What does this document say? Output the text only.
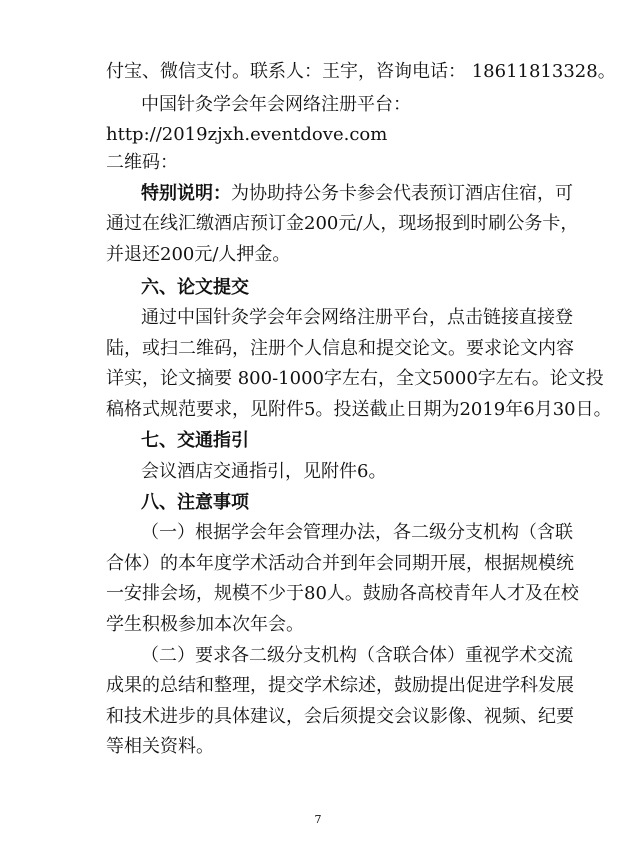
付宝、微信支付。联系人：王宇，咨询电话： 18611813328。
中国针灸学会年会网络注册平台：
http://2019zjxh.eventdove.com
二维码：
特别说明：为协助持公务卡参会代表预订酒店住宿，可
通过在线汇缴酒店预订金200元/人，现场报到时刷公务卡，
并退还200元/人押金。
六、论文提交
通过中国针灸学会年会网络注册平台，点击链接直接登
陆，或扫二维码，注册个人信息和提交论文。要求论文内容
详实，论文摘要 800-1000字左右，全文5000字左右。论文投
稿格式规范要求，见附件5。投送截止日期为2019年6月30日。
七、交通指引
会议酒店交通指引，见附件6。
八、注意事项
（一）根据学会年会管理办法，各二级分支机构（含联
合体）的本年度学术活动合并到年会同期开展，根据规模统
一安排会场，规模不少于80人。鼓励各高校青年人才及在校
学生积极参加本次年会。
（二）要求各二级分支机构（含联合体）重视学术交流
成果的总结和整理，提交学术综述，鼓励提出促进学科发展
和技术进步的具体建议，会后须提交会议影像、视频、纪要
等相关资料。
7
